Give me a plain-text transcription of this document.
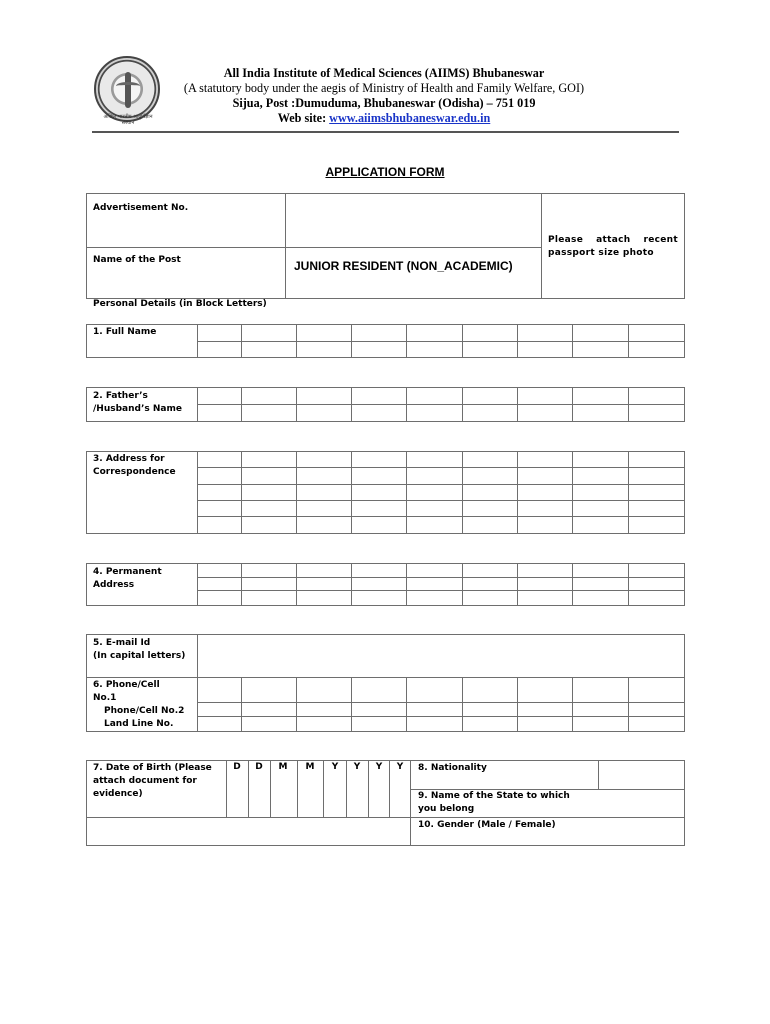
अखिल भारतीय आयुर्विज्ञान संस्थान
All India Institute of Medical Sciences (AIIMS) Bhubaneswar
(A statutory body under the aegis of Ministry of Health and Family Welfare, GOI)
Sijua, Post :Dumuduma, Bhubaneswar (Odisha) – 751 019
Web site: www.aiimsbhubaneswar.edu.in
APPLICATION FORM
Advertisement No.
Name of the Post	JUNIOR RESIDENT (NON_ACADEMIC)
Please attach recent passport size photo
Personal Details (in Block Letters)
1. Full Name
2. Father’s
/Husband’s Name
3. Address for
Correspondence
4. Permanent
Address
5. E-mail Id
(In capital letters)
6. Phone/Cell
No.1
Phone/Cell No.2
Land Line No.
7. Date of Birth (Please
attach document for
evidence)
D	D	M	M	Y	Y	Y	Y	8. Nationality
9. Name of the State to which
you belong
10. Gender (Male / Female)
